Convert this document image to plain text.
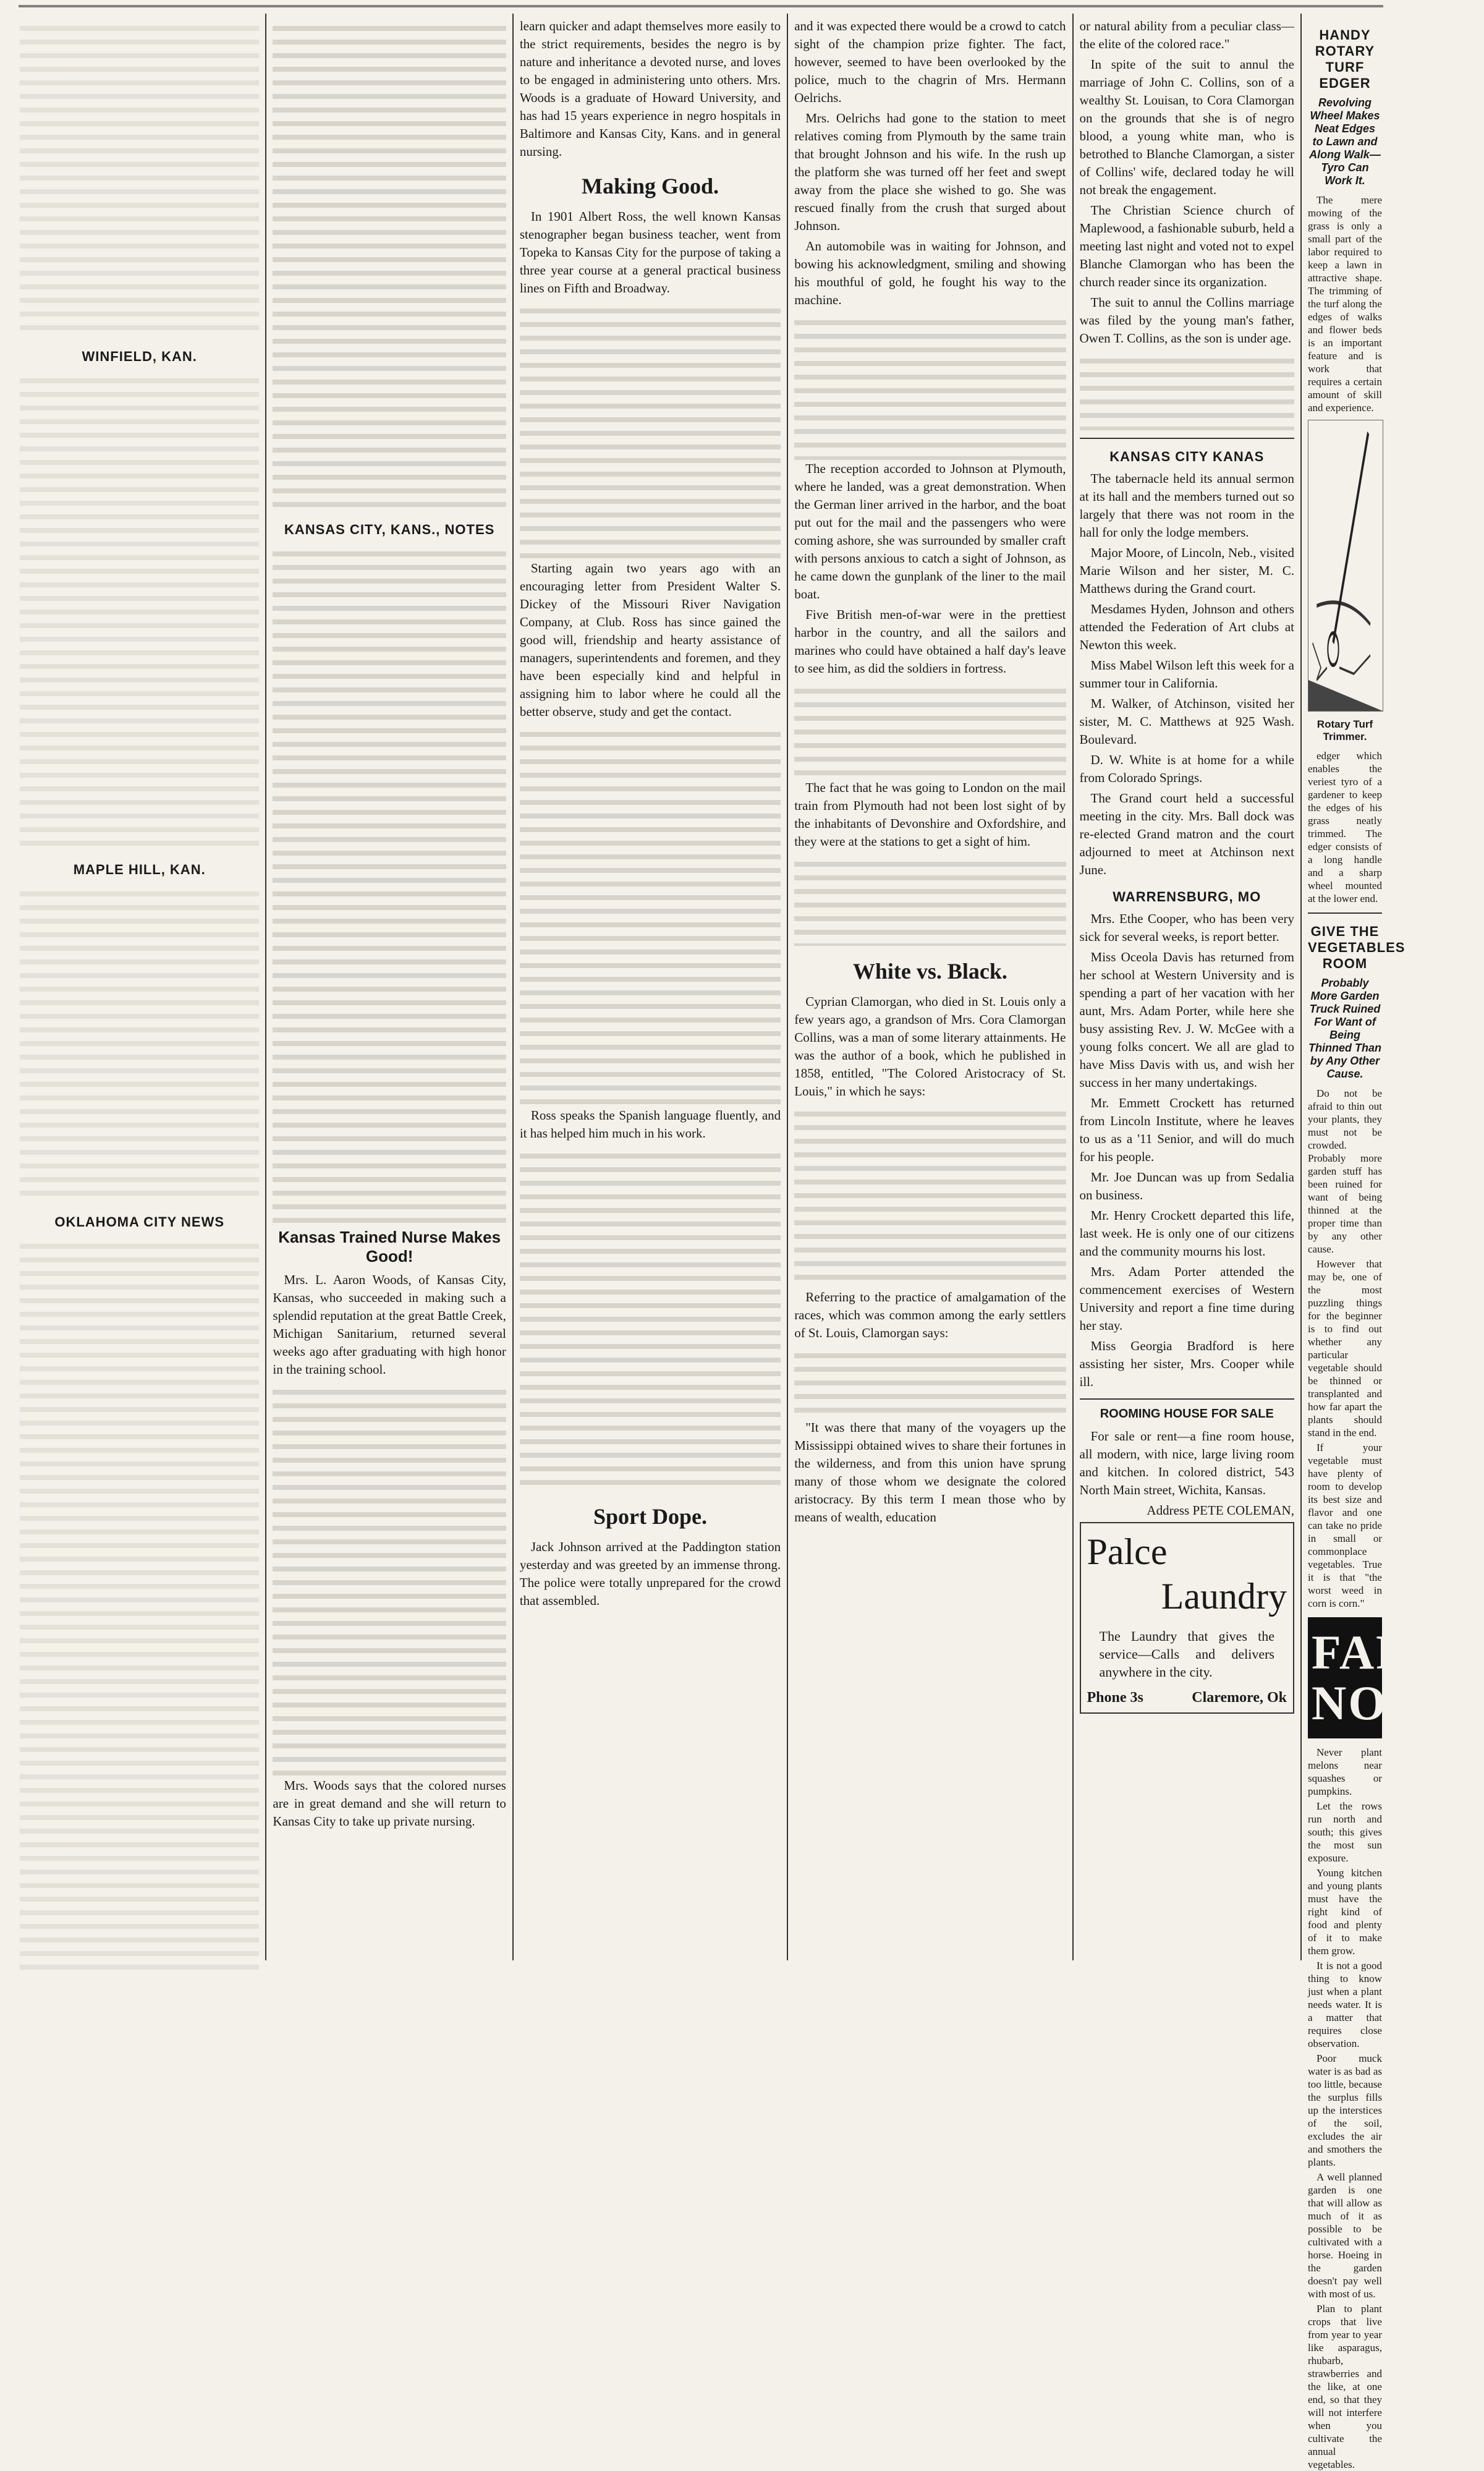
WINFIELD, KAN.
MAPLE HILL, KAN.
OKLAHOMA CITY NEWS
KANSAS CITY, KANS., NOTES
Kansas Trained Nurse Makes Good!

Mrs. L. Aaron Woods, of Kansas City, Kansas, who succeeded in making such a splendid reputation at the great Battle Creek, Michigan Sanitarium, returned several weeks ago after graduating with high honor in the training school.

Mrs. Woods says that the colored nurses are in great demand and she will return to Kansas City to take up private nursing.

learn quicker and adapt themselves more easily to the strict requirements, besides the negro is by nature and inheritance a devoted nurse, and loves to be engaged in administering unto others. Mrs. Woods is a graduate of Howard University, and has had 15 years experience in negro hospitals in Baltimore and Kansas City, Kans. and in general nursing.

Making Good.

In 1901 Albert Ross, the well known Kansas stenographer began business teacher, went from Topeka to Kansas City for the purpose of taking a three year course at a general practical business lines on Fifth and Broadway.

Starting again two years ago with an encouraging letter from President Walter S. Dickey of the Missouri River Navigation Company, at Club. Ross has since gained the good will, friendship and hearty assistance of managers, superintendents and foremen, and they have been especially kind and helpful in assigning him to labor where he could all the better observe, study and get the contact.

Ross speaks the Spanish language fluently, and it has helped him much in his work.

Sport Dope.

Jack Johnson arrived at the Paddington station yesterday and was greeted by an immense throng. The police were totally unprepared for the crowd that assembled.

and it was expected there would be a crowd to catch sight of the champion prize fighter. The fact, however, seemed to have been overlooked by the police, much to the chagrin of Mrs. Hermann Oelrichs.

Mrs. Oelrichs had gone to the station to meet relatives coming from Plymouth by the same train that brought Johnson and his wife. In the rush up the platform she was turned off her feet and swept away from the place she wished to go. She was rescued finally from the crush that surged about Johnson.

An automobile was in waiting for Johnson, and bowing his acknowledgment, smiling and showing his mouthful of gold, he fought his way to the machine.

The reception accorded to Johnson at Plymouth, where he landed, was a great demonstration. When the German liner arrived in the harbor, and the boat put out for the mail and the passengers who were coming ashore, she was surrounded by smaller craft with persons anxious to catch a sight of Johnson, as he came down the gunplank of the liner to the mail boat.

Five British men-of-war were in the prettiest harbor in the country, and all the sailors and marines who could have obtained a half day's leave to see him, as did the soldiers in fortress.

The fact that he was going to London on the mail train from Plymouth had not been lost sight of by the inhabitants of Devonshire and Oxfordshire, and they were at the stations to get a sight of him.

White vs. Black.

Cyprian Clamorgan, who died in St. Louis only a few years ago, a grandson of Mrs. Cora Clamorgan Collins, was a man of some literary attainments. He was the author of a book, which he published in 1858, entitled, "The Colored Aristocracy of St. Louis," in which he says:

Referring to the practice of amalgamation of the races, which was common among the early settlers of St. Louis, Clamorgan says:

"It was there that many of the voyagers up the Mississippi obtained wives to share their fortunes in the wilderness, and from this union have sprung many of those whom we designate the colored aristocracy. By this term I mean those who by means of wealth, education

or natural ability from a peculiar class—the elite of the colored race."

In spite of the suit to annul the marriage of John C. Collins, son of a wealthy St. Louisan, to Cora Clamorgan on the grounds that she is of negro blood, a young white man, who is betrothed to Blanche Clamorgan, a sister of Collins' wife, declared today he will not break the engagement.

The Christian Science church of Maplewood, a fashionable suburb, held a meeting last night and voted not to expel Blanche Clamorgan who has been the church reader since its organization.

The suit to annul the Collins marriage was filed by the young man's father, Owen T. Collins, as the son is under age.

KANSAS CITY KANAS

The tabernacle held its annual sermon at its hall and the members turned out so largely that there was not room in the hall for only the lodge members.

Major Moore, of Lincoln, Neb., visited Marie Wilson and her sister, M. C. Matthews during the Grand court.

Mesdames Hyden, Johnson and others attended the Federation of Art clubs at Newton this week.

Miss Mabel Wilson left this week for a summer tour in California.

M. Walker, of Atchinson, visited her sister, M. C. Matthews at 925 Wash. Boulevard.

D. W. White is at home for a while from Colorado Springs.

The Grand court held a successful meeting in the city. Mrs. Ball dock was re-elected Grand matron and the court adjourned to meet at Atchinson next June.

WARRENSBURG, MO

Mrs. Ethe Cooper, who has been very sick for several weeks, is report better.

Miss Oceola Davis has returned from her school at Western University and is spending a part of her vacation with her aunt, Mrs. Adam Porter, while here she busy assisting Rev. J. W. McGee with a young folks concert. We all are glad to have Miss Davis with us, and wish her success in her many undertakings.

Mr. Emmett Crockett has returned from Lincoln Institute, where he leaves to us as a '11 Senior, and will do much for his people.

Mr. Joe Duncan was up from Sedalia on business.

Mr. Henry Crockett departed this life, last week. He is only one of our citizens and the community mourns his lost.

Mrs. Adam Porter attended the commencement exercises of Western University and report a fine time during her stay.

Miss Georgia Bradford is here assisting her sister, Mrs. Cooper while ill.

ROOMING HOUSE FOR SALE

For sale or rent—a fine room house, all modern, with nice, large living room and kitchen. In colored district, 543 North Main street, Wichita, Kansas.

Address PETE COLEMAN,

Palce
Laundry
The Laundry that gives the service—Calls and delivers anywhere in the city.
Phone 3s	Claremore, Ok
HANDY ROTARY TURF EDGER
Revolving Wheel Makes Neat Edges to Lawn and Along Walk—Tyro Can Work It.

The mere mowing of the grass is only a small part of the labor required to keep a lawn in attractive shape. The trimming of the turf along the edges of walks and flower beds is an important feature and is work that requires a certain amount of skill and experience.

Rotary Turf Trimmer.

edger which enables the veriest tyro of a gardener to keep the edges of his grass neatly trimmed. The edger consists of a long handle and a sharp wheel mounted at the lower end.

GIVE THE VEGETABLES ROOM
Probably More Garden Truck Ruined For Want of Being Thinned Than by Any Other Cause.

Do not be afraid to thin out your plants, they must not be crowded. Probably more garden stuff has been ruined for want of being thinned at the proper time than by any other cause.

However that may be, one of the most puzzling things for the beginner is to find out whether any particular vegetable should be thinned or transplanted and how far apart the plants should stand in the end.

If your vegetable must have plenty of room to develop its best size and flavor and one can take no pride in small or commonplace vegetables. True it is that "the worst weed in corn is corn."

FARM
NOTES

Never plant melons near squashes or pumpkins.

Let the rows run north and south; this gives the most sun exposure.

Young kitchen and young plants must have the right kind of food and plenty of it to make them grow.

It is not a good thing to know just when a plant needs water. It is a matter that requires close observation.

Poor muck water is as bad as too little, because the surplus fills up the interstices of the soil, excludes the air and smothers the plants.

A well planned garden is one that will allow as much of it as possible to be cultivated with a horse. Hoeing in the garden doesn't pay well with most of us.

Plan to plant crops that live from year to year like asparagus, rhubarb, strawberries and the like, at one end, so that they will not interfere when you cultivate the annual vegetables.
